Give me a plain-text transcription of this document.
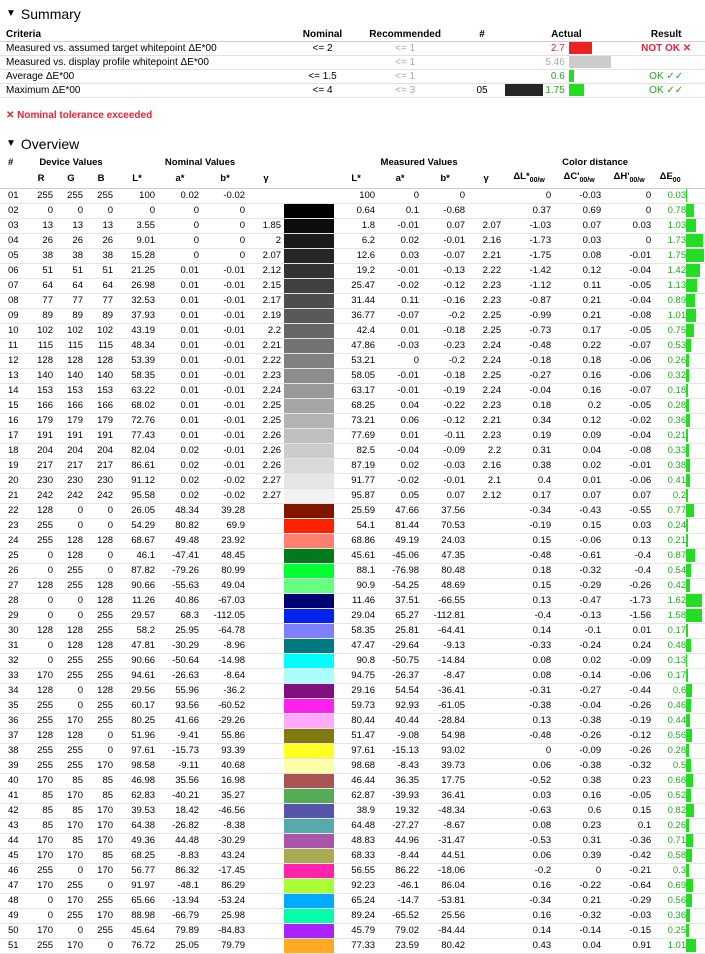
▼ Summary
Criteria	Nominal	Recommended	#	Actual			Result
Measured vs. assumed target whitepoint ΔE*00	<= 2	<= 1			2.7		NOT OK ✕
Measured vs. display profile whitepoint ΔE*00		<= 1			5.46		
Average ΔE*00	<= 1.5	<= 1			0.6		OK ✓✓
Maximum ΔE*00	<= 4	<= 3	05		1.75		OK ✓✓
✕ Nominal tolerance exceeded
▼ Overview
#	Device Values			Nominal Values					Measured Values				Color distance				
	R	G	B	L*	a*	b*	γ		L*	a*	b*	γ	$\Delta L*_{00/w}$	$\Delta C'_{00/w}$	$\Delta H'_{00/w}$	$\Delta E_{00}$	
01	255	255	255	100	0.02	-0.02			100	0	0		0	-0.03	0	0.03	

02	0	0	0	0	0	0			0.64	0.1	-0.68		0.37	0.69	0	0.78	

03	13	13	13	3.55	0	0	1.85		1.8	-0.01	0.07	2.07	-1.03	0.07	0.03	1.03	

04	26	26	26	9.01	0	0	2		6.2	0.02	-0.01	2.16	-1.73	0.03	0	1.73	

05	38	38	38	15.28	0	0	2.07		12.6	0.03	-0.07	2.21	-1.75	0.08	-0.01	1.75	

06	51	51	51	21.25	0.01	-0.01	2.12		19.2	-0.01	-0.13	2.22	-1.42	0.12	-0.04	1.42	

07	64	64	64	26.98	0.01	-0.01	2.15		25.47	-0.02	-0.12	2.23	-1.12	0.11	-0.05	1.13	

08	77	77	77	32.53	0.01	-0.01	2.17		31.44	0.11	-0.16	2.23	-0.87	0.21	-0.04	0.89	

09	89	89	89	37.93	0.01	-0.01	2.19		36.77	-0.07	-0.2	2.25	-0.99	0.21	-0.08	1.01	

10	102	102	102	43.19	0.01	-0.01	2.2		42.4	0.01	-0.18	2.25	-0.73	0.17	-0.05	0.75	

11	115	115	115	48.34	0.01	-0.01	2.21		47.86	-0.03	-0.23	2.24	-0.48	0.22	-0.07	0.53	

12	128	128	128	53.39	0.01	-0.01	2.22		53.21	0	-0.2	2.24	-0.18	0.18	-0.06	0.26	

13	140	140	140	58.35	0.01	-0.01	2.23		58.05	-0.01	-0.18	2.25	-0.27	0.16	-0.06	0.32	

14	153	153	153	63.22	0.01	-0.01	2.24		63.17	-0.01	-0.19	2.24	-0.04	0.16	-0.07	0.18	

15	166	166	166	68.02	0.01	-0.01	2.25		68.25	0.04	-0.22	2.23	0.18	0.2	-0.05	0.28	

16	179	179	179	72.76	0.01	-0.01	2.25		73.21	0.06	-0.12	2.21	0.34	0.12	-0.02	0.36	

17	191	191	191	77.43	0.01	-0.01	2.26		77.69	0.01	-0.11	2.23	0.19	0.09	-0.04	0.21	

18	204	204	204	82.04	0.02	-0.01	2.26		82.5	-0.04	-0.09	2.2	0.31	0.04	-0.08	0.33	

19	217	217	217	86.61	0.02	-0.01	2.26		87.19	0.02	-0.03	2.16	0.38	0.02	-0.01	0.38	

20	230	230	230	91.12	0.02	-0.02	2.27		91.77	-0.02	-0.01	2.1	0.4	0.01	-0.06	0.41	

21	242	242	242	95.58	0.02	-0.02	2.27		95.87	0.05	0.07	2.12	0.17	0.07	0.07	0.2	

22	128	0	0	26.05	48.34	39.28			25.59	47.66	37.56		-0.34	-0.43	-0.55	0.77	

23	255	0	0	54.29	80.82	69.9			54.1	81.44	70.53		-0.19	0.15	0.03	0.24	

24	255	128	128	68.67	49.48	23.92			68.86	49.19	24.03		0.15	-0.06	0.13	0.21	

25	0	128	0	46.1	-47.41	48.45			45.61	-45.06	47.35		-0.48	-0.61	-0.4	0.87	

26	0	255	0	87.82	-79.26	80.99			88.1	-76.98	80.48		0.18	-0.32	-0.4	0.54	

27	128	255	128	90.66	-55.63	49.04			90.9	-54.25	48.69		0.15	-0.29	-0.26	0.42	

28	0	0	128	11.26	40.86	-67.03			11.46	37.51	-66.55		0.13	-0.47	-1.73	1.62	

29	0	0	255	29.57	68.3	-112.05			29.04	65.27	-112.81		-0.4	-0.13	-1.56	1.58	

30	128	128	255	58.2	25.95	-64.78			58.35	25.81	-64.41		0.14	-0.1	0.01	0.17	

31	0	128	128	47.81	-30.29	-8.96			47.47	-29.64	-9.13		-0.33	-0.24	0.24	0.48	

32	0	255	255	90.66	-50.64	-14.98			90.8	-50.75	-14.84		0.08	0.02	-0.09	0.13	

33	170	255	255	94.61	-26.63	-8.64			94.75	-26.37	-8.47		0.08	-0.14	-0.06	0.17	

34	128	0	128	29.56	55.96	-36.2			29.16	54.54	-36.41		-0.31	-0.27	-0.44	0.6	

35	255	0	255	60.17	93.56	-60.52			59.73	92.93	-61.05		-0.38	-0.04	-0.26	0.46	

36	255	170	255	80.25	41.66	-29.26			80.44	40.44	-28.84		0.13	-0.38	-0.19	0.44	

37	128	128	0	51.96	-9.41	55.86			51.47	-9.08	54.98		-0.48	-0.26	-0.12	0.56	

38	255	255	0	97.61	-15.73	93.39			97.61	-15.13	93.02		0	-0.09	-0.26	0.28	

39	255	255	170	98.58	-9.11	40.68			98.68	-8.43	39.73		0.06	-0.38	-0.32	0.5	

40	170	85	85	46.98	35.56	16.98			46.44	36.35	17.75		-0.52	0.38	0.23	0.68	

41	85	170	85	62.83	-40.21	35.27			62.87	-39.93	36.41		0.03	0.16	-0.05	0.52	

42	85	85	170	39.53	18.42	-46.56			38.9	19.32	-48.34		-0.63	0.6	0.15	0.82	

43	85	170	170	64.38	-26.82	-8.38			64.48	-27.27	-8.67		0.08	0.23	0.1	0.26	

44	170	85	170	49.36	44.48	-30.29			48.83	44.96	-31.47		-0.53	0.31	-0.36	0.71	

45	170	170	85	68.25	-8.83	43.24			68.33	-8.44	44.51		0.06	0.39	-0.42	0.58	

46	255	0	170	56.77	86.32	-17.45			56.55	86.22	-18.06		-0.2	0	-0.21	0.3	

47	170	255	0	91.97	-48.1	86.29			92.23	-46.1	86.04		0.16	-0.22	-0.64	0.69	

48	0	170	255	65.66	-13.94	-53.24			65.24	-14.7	-53.81		-0.34	0.21	-0.29	0.56	

49	0	255	170	88.98	-66.79	25.98			89.24	-65.52	25.56		0.16	-0.32	-0.03	0.36	

50	170	0	255	45.64	79.89	-84.83			45.79	79.02	-84.44		0.14	-0.14	-0.15	0.25	

51	255	170	0	76.72	25.05	79.79			77.33	23.59	80.42		0.43	0.04	0.91	1.01	
